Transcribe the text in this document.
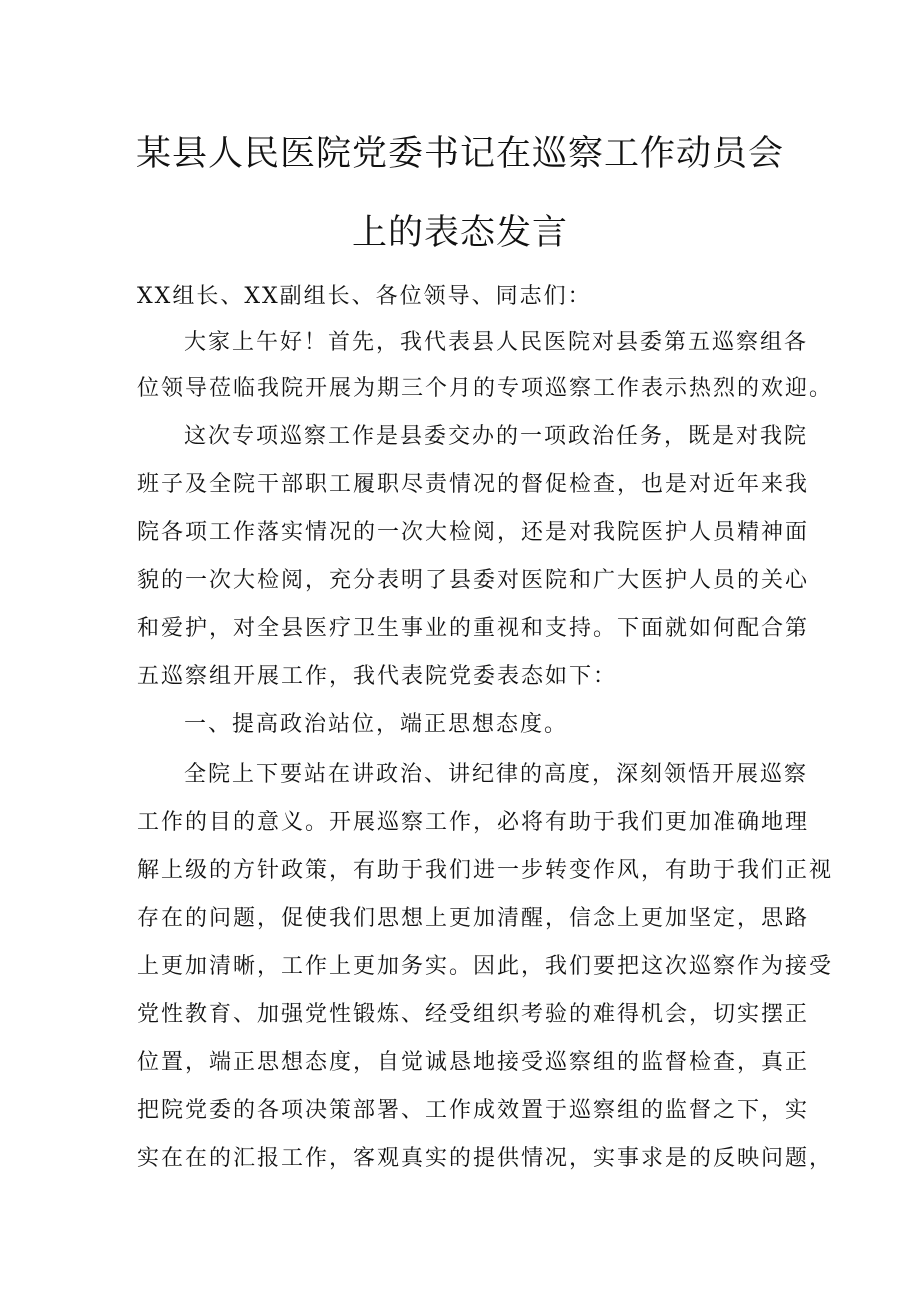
某县人民医院党委书记在巡察工作动员会
上的表态发言

XX组长、XX副组长、各位领导、同志们：

大家上午好！首先，我代表县人民医院对县委第五巡察组各

位领导莅临我院开展为期三个月的专项巡察工作表示热烈的欢迎。

这次专项巡察工作是县委交办的一项政治任务，既是对我院

班子及全院干部职工履职尽责情况的督促检查，也是对近年来我

院各项工作落实情况的一次大检阅，还是对我院医护人员精神面

貌的一次大检阅，充分表明了县委对医院和广大医护人员的关心

和爱护，对全县医疗卫生事业的重视和支持。下面就如何配合第

五巡察组开展工作，我代表院党委表态如下：

一、提高政治站位，端正思想态度。

全院上下要站在讲政治、讲纪律的高度，深刻领悟开展巡察

工作的目的意义。开展巡察工作，必将有助于我们更加准确地理

解上级的方针政策，有助于我们进一步转变作风，有助于我们正视

存在的问题，促使我们思想上更加清醒，信念上更加坚定，思路

上更加清晰，工作上更加务实。因此，我们要把这次巡察作为接受

党性教育、加强党性锻炼、经受组织考验的难得机会，切实摆正

位置，端正思想态度，自觉诚恳地接受巡察组的监督检查，真正

把院党委的各项决策部署、工作成效置于巡察组的监督之下，实

实在在的汇报工作，客观真实的提供情况，实事求是的反映问题，
